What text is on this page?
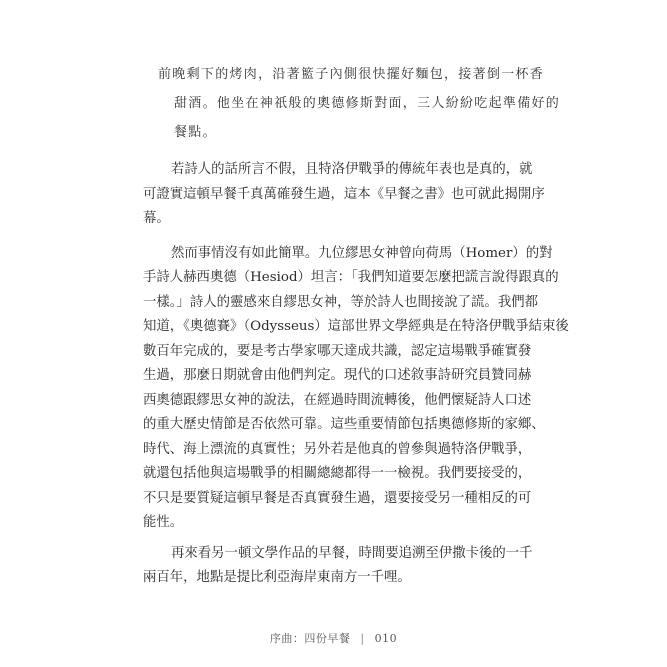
前晚剩下的烤肉，沿著籃子內側很快擺好麵包，接著倒一杯香
甜酒。他坐在神祇般的奧德修斯對面，三人紛紛吃起準備好的
餐點。

若詩人的話所言不假，且特洛伊戰爭的傳統年表也是真的，就
可證實這頓早餐千真萬確發生過，這本《早餐之書》也可就此揭開序
幕。

然而事情沒有如此簡單。九位繆思女神曾向荷馬（Homer）的對
手詩人赫西奧德（Hesiod）坦言：「我們知道要怎麼把謊言說得跟真的
一樣。」詩人的靈感來自繆思女神，等於詩人也間接說了謊。我們都
知道，《奧德賽》（Odysseus）這部世界文學經典是在特洛伊戰爭結束後
數百年完成的，要是考古學家哪天達成共識，認定這場戰爭確實發
生過，那麼日期就會由他們判定。現代的口述敘事詩研究員贊同赫
西奧德跟繆思女神的說法，在經過時間流轉後，他們懷疑詩人口述
的重大歷史情節是否依然可靠。這些重要情節包括奧德修斯的家鄉、
時代、海上漂流的真實性；另外若是他真的曾參與過特洛伊戰爭，
就還包括他與這場戰爭的相關總總都得一一檢視。我們要接受的，
不只是要質疑這頓早餐是否真實發生過，還要接受另一種相反的可
能性。

再來看另一頓文學作品的早餐，時間要追溯至伊撒卡後的一千
兩百年，地點是提比利亞海岸東南方一千哩。

序曲：四份早餐 | 010
